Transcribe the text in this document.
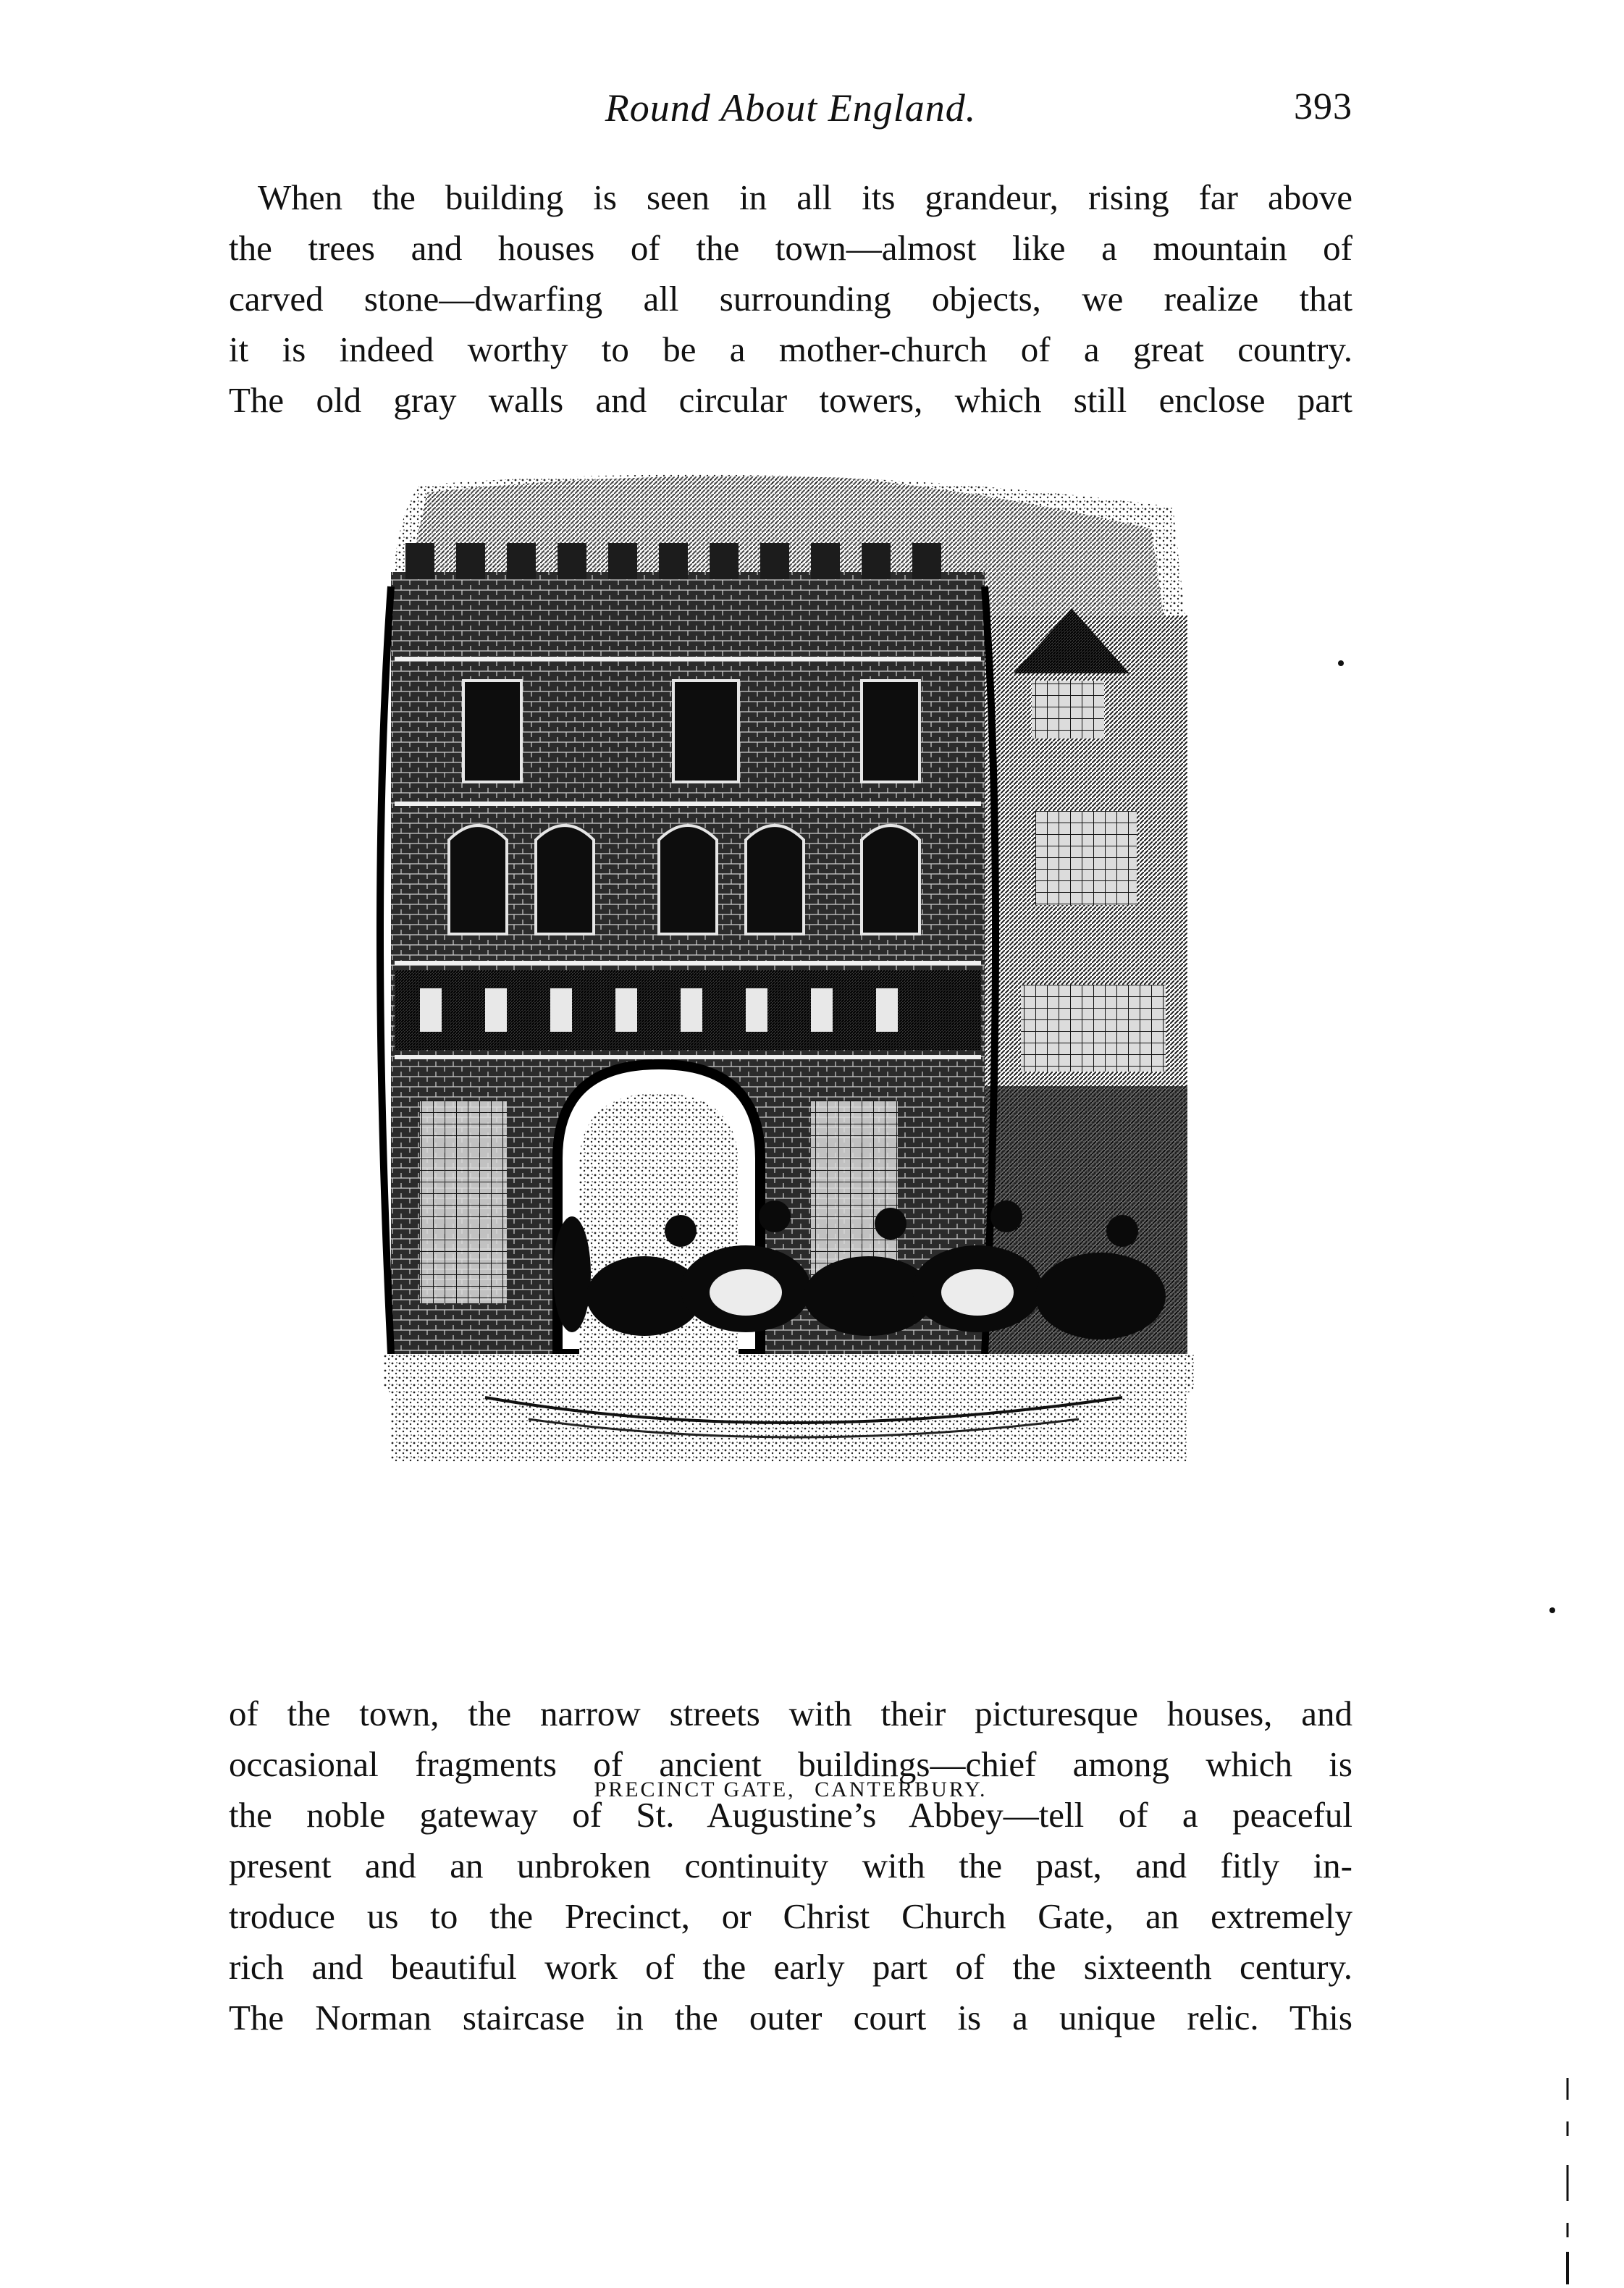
Round About England.	393
When the building is seen in all its grandeur, rising far above
the trees and houses of the town—almost like a mountain of
carved stone—dwarfing all surrounding objects, we realize that
it is indeed worthy to be a mother-church of a great country.
The old gray walls and circular towers, which still enclose part
PRECINCT GATE, CANTERBURY.
of the town, the narrow streets with their picturesque houses, and
occasional fragments of ancient buildings—chief among which is
the noble gateway of St. Augustine’s Abbey—tell of a peaceful
present and an unbroken continuity with the past, and fitly in-
troduce us to the Precinct, or Christ Church Gate, an extremely
rich and beautiful work of the early part of the sixteenth century.
The Norman staircase in the outer court is a unique relic. This
